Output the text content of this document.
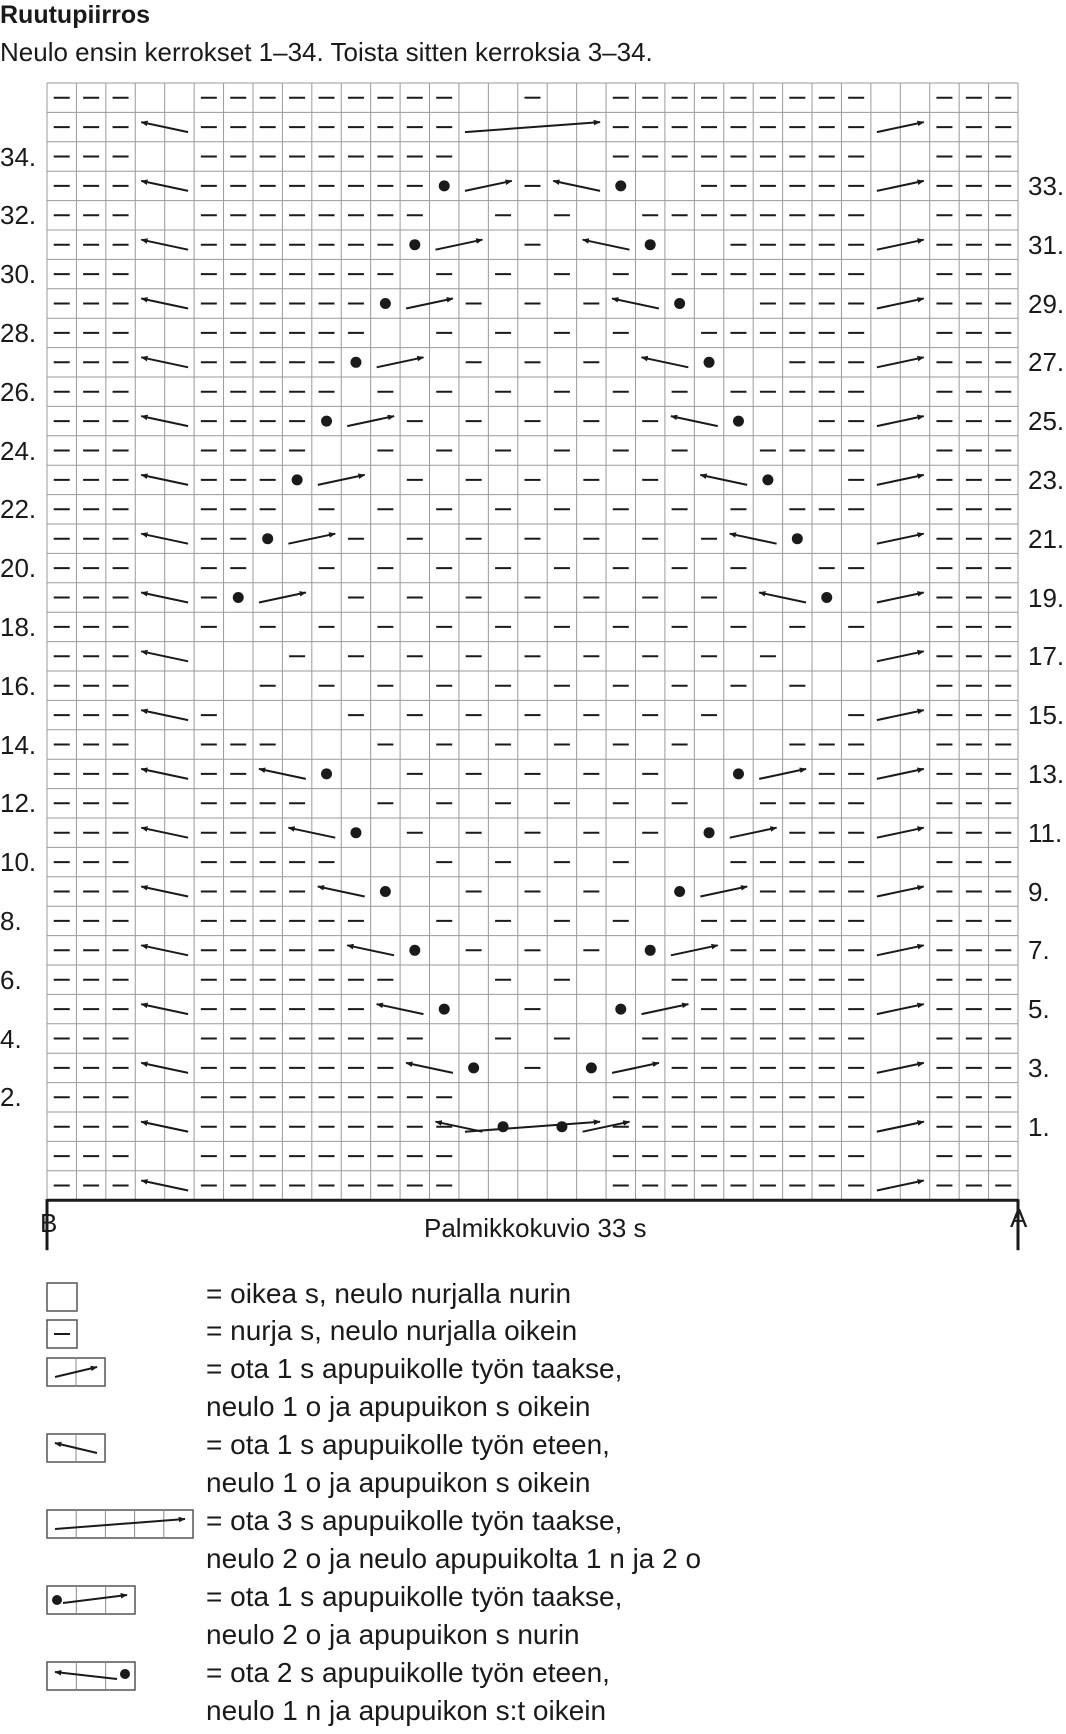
Ruutupiirros
Neulo ensin kerrokset 1–34. Toista sitten kerroksia 3–34.
34.
32.
30.
28.
26.
24.
22.
20.
18.
16.
14.
12.
10.
8.
6.
4.
2.
33.
31.
29.
27.
25.
23.
21.
19.
17.
15.
13.
11.
9.
7.
5.
3.
1.
B	A
Palmikkokuvio 33 s
= oikea s, neulo nurjalla nurin
= nurja s, neulo nurjalla oikein
= ota 1 s apupuikolle työn taakse,
neulo 1 o ja apupuikon s oikein
= ota 1 s apupuikolle työn eteen,
neulo 1 o ja apupuikon s oikein
= ota 3 s apupuikolle työn taakse,
neulo 2 o ja neulo apupuikolta 1 n ja 2 o
= ota 1 s apupuikolle työn taakse,
neulo 2 o ja apupuikon s nurin
= ota 2 s apupuikolle työn eteen,
neulo 1 n ja apupuikon s:t oikein
